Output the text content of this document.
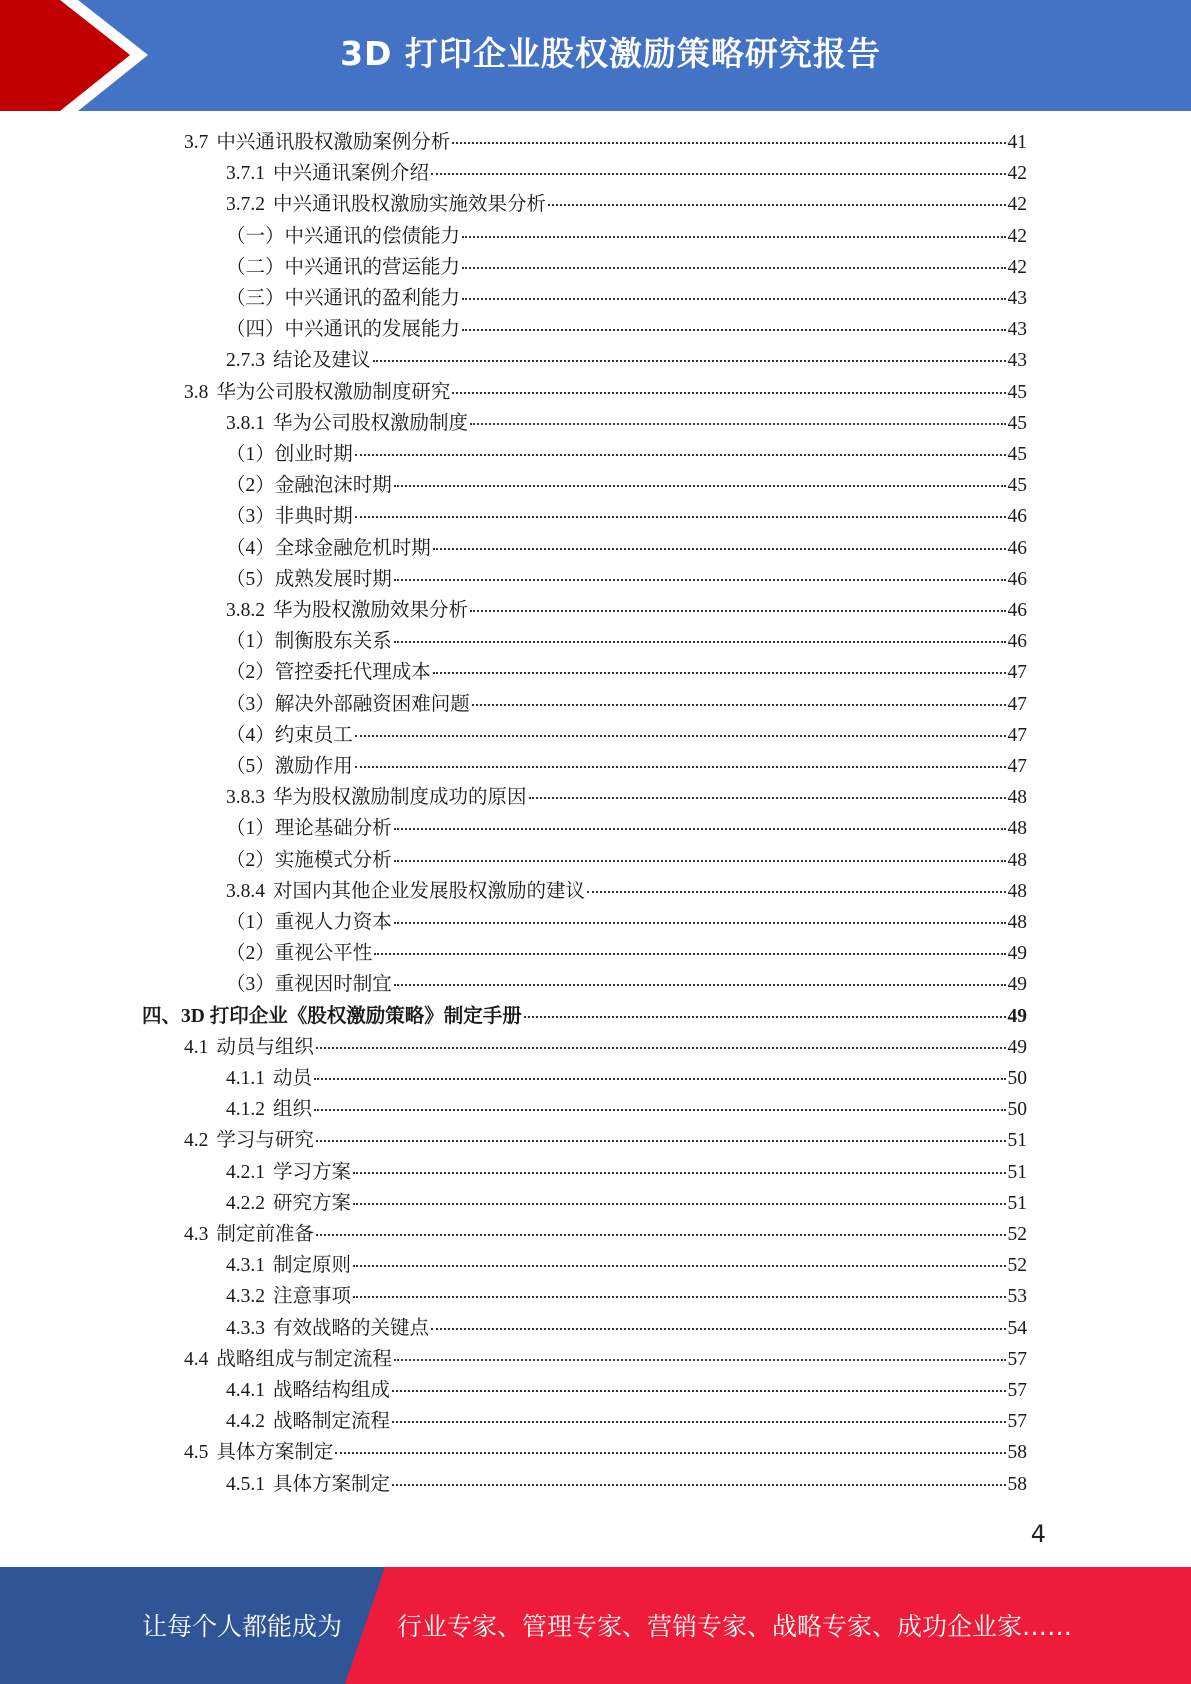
3D 打印企业股权激励策略研究报告
3.7 中兴通讯股权激励案例分析	41
3.7.1 中兴通讯案例介绍	42
3.7.2 中兴通讯股权激励实施效果分析	42
（一） 中兴通讯的偿债能力	42
（二） 中兴通讯的营运能力	42
（三） 中兴通讯的盈利能力	43
（四） 中兴通讯的发展能力	43
2.7.3 结论及建议	43
3.8 华为公司股权激励制度研究	45
3.8.1 华为公司股权激励制度	45
（1） 创业时期	45
（2） 金融泡沫时期	45
（3） 非典时期	46
（4） 全球金融危机时期	46
（5） 成熟发展时期	46
3.8.2 华为股权激励效果分析	46
（1） 制衡股东关系	46
（2） 管控委托代理成本	47
（3） 解决外部融资困难问题	47
（4） 约束员工	47
（5） 激励作用	47
3.8.3 华为股权激励制度成功的原因	48
（1） 理论基础分析	48
（2） 实施模式分析	48
3.8.4 对国内其他企业发展股权激励的建议	48
（1） 重视人力资本	48
（2） 重视公平性	49
（3） 重视因时制宜	49
四、 3D 打印企业《股权激励策略》制定手册	49
4.1 动员与组织	49
4.1.1 动员	50
4.1.2 组织	50
4.2 学习与研究	51
4.2.1 学习方案	51
4.2.2 研究方案	51
4.3 制定前准备	52
4.3.1 制定原则	52
4.3.2 注意事项	53
4.3.3 有效战略的关键点	54
4.4 战略组成与制定流程	57
4.4.1 战略结构组成	57
4.4.2 战略制定流程	57
4.5 具体方案制定	58
4.5.1 具体方案制定	58
4
让每个人都能成为 行业专家、管理专家、营销专家、战略专家、成功企业家……
